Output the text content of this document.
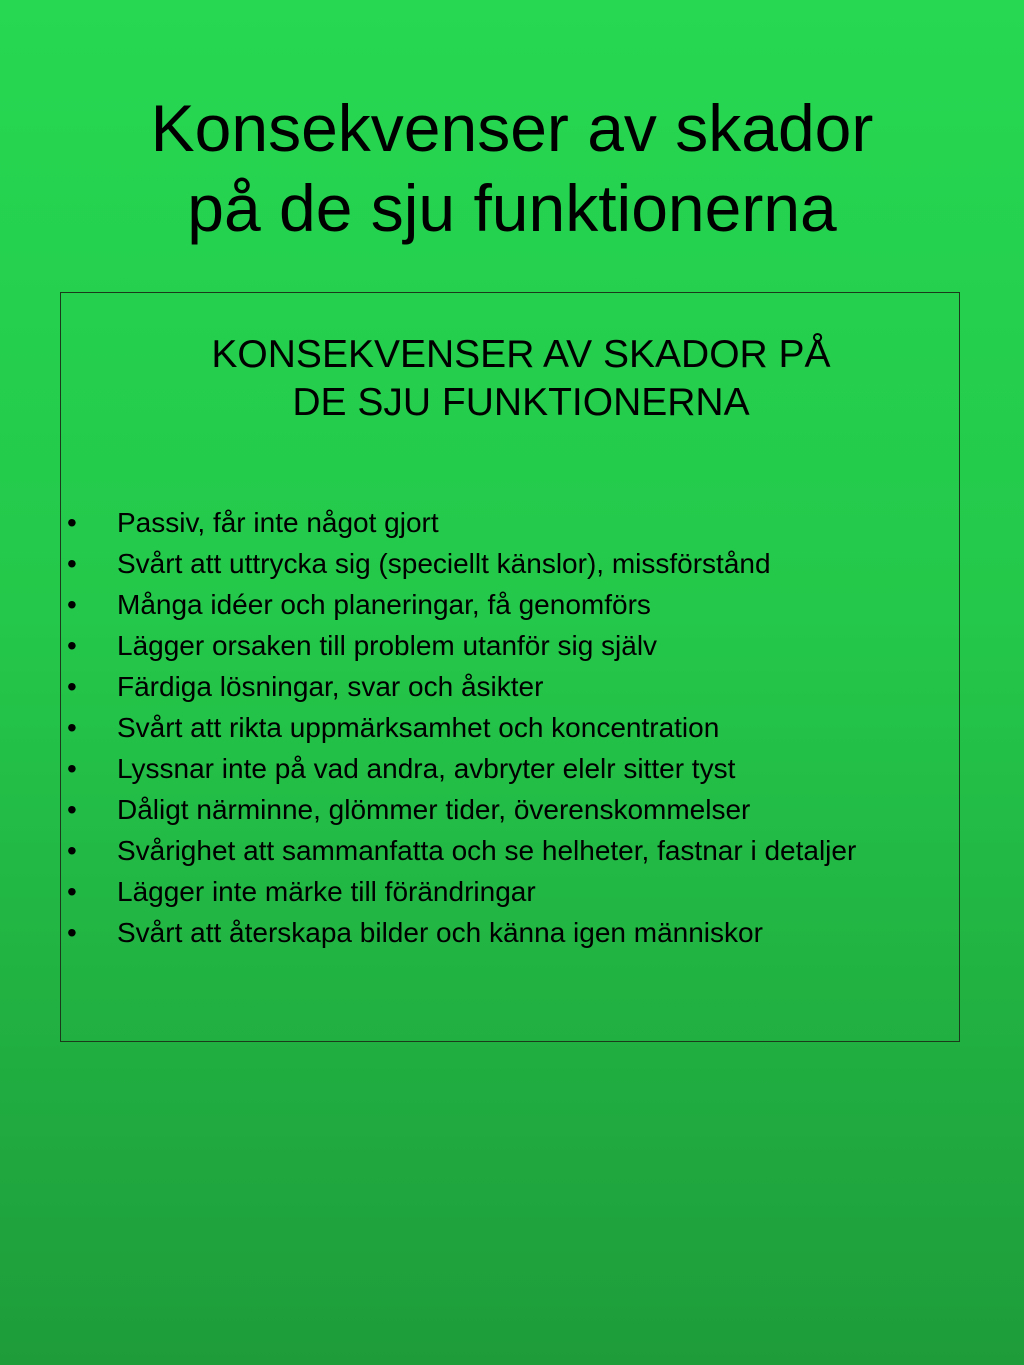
Konsekvenser av skador
på de sju funktionerna
KONSEKVENSER AV SKADOR PÅ
DE SJU FUNKTIONERNA
• Passiv, får inte något gjort
• Svårt att uttrycka sig (speciellt känslor), missförstånd
• Många idéer och planeringar, få genomförs
• Lägger orsaken till problem utanför sig själv
• Färdiga lösningar, svar och åsikter
• Svårt att rikta uppmärksamhet och koncentration
• Lyssnar inte på vad andra, avbryter elelr sitter tyst
• Dåligt närminne, glömmer tider, överenskommelser
• Svårighet att sammanfatta och se helheter, fastnar i detaljer
• Lägger inte märke till förändringar
• Svårt att återskapa bilder och känna igen människor
